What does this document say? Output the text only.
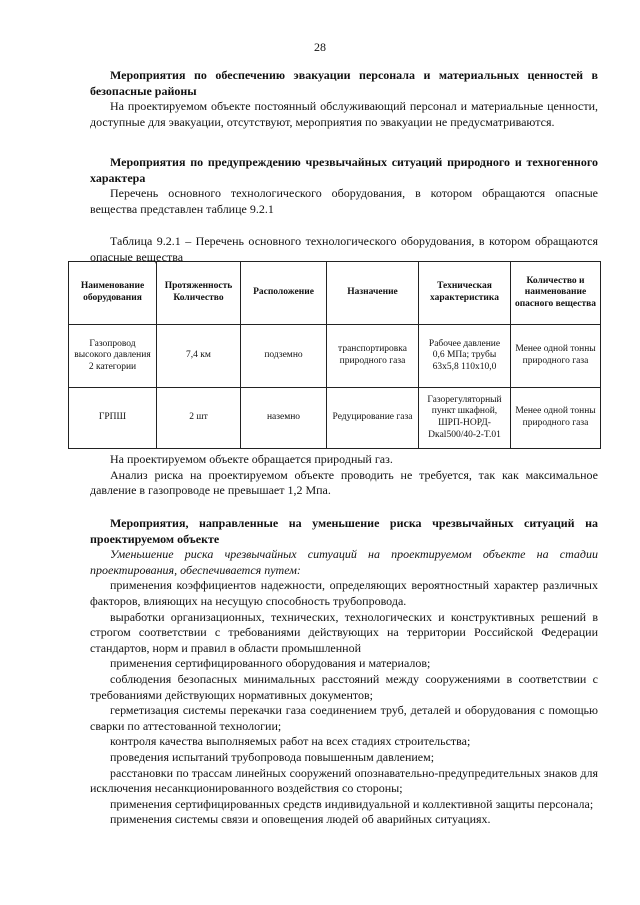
28
Мероприятия по обеспечению эвакуации персонала и материальных ценностей в безопасные районы
На проектируемом объекте постоянный обслуживающий персонал и материальные ценности, доступные для эвакуации, отсутствуют, мероприятия по эвакуации не предусматриваются.
Мероприятия по предупреждению чрезвычайных ситуаций природного и техногенного характера
Перечень основного технологического оборудования, в котором обращаются опасные вещества представлен таблице 9.2.1
Таблица 9.2.1 – Перечень основного технологического оборудования, в котором обращаются опасные вещества
Наименование оборудования	Протяженность Количество	Расположение	Назначение	Техническая характеристика	Количество и наименование опасного вещества
Газопровод высокого давления 2 категории	7,4 км	подземно	транспортировка природного газа	Рабочее давление 0,6 МПа; трубы 63х5,8 110х10,0	Менее одной тонны природного газа
ГРПШ	2 шт	наземно	Редуцирование газа	Газорегуляторный пункт шкафной, ШРП-НОРД-Dкal500/40-2-T.01	Менее одной тонны природного газа
На проектируемом объекте обращается природный газ.
Анализ риска на проектируемом объекте проводить не требуется, так как максимальное давление в газопроводе не превышает 1,2 Мпа.
Мероприятия, направленные на уменьшение риска чрезвычайных ситуаций на проектируемом объекте
Уменьшение риска чрезвычайных ситуаций на проектируемом объекте на стадии проектирования, обеспечивается путем:
применения коэффициентов надежности, определяющих вероятностный характер различных факторов, влияющих на несущую способность трубопровода.
выработки организационных, технических, технологических и конструктивных решений в строгом соответствии с требованиями действующих на территории Российской Федерации стандартов, норм и правил в области промышленной
применения сертифицированного оборудования и материалов;
соблюдения безопасных минимальных расстояний между сооружениями в соответствии с требованиями действующих нормативных документов;
герметизация системы перекачки газа соединением труб, деталей и оборудования с помощью сварки по аттестованной технологии;
контроля качества выполняемых работ на всех стадиях строительства;
проведения испытаний трубопровода повышенным давлением;
расстановки по трассам линейных сооружений опознавательно-предупредительных знаков для исключения несанкционированного воздействия со стороны;
применения сертифицированных средств индивидуальной и коллективной защиты персонала;
применения системы связи и оповещения людей об аварийных ситуациях.
